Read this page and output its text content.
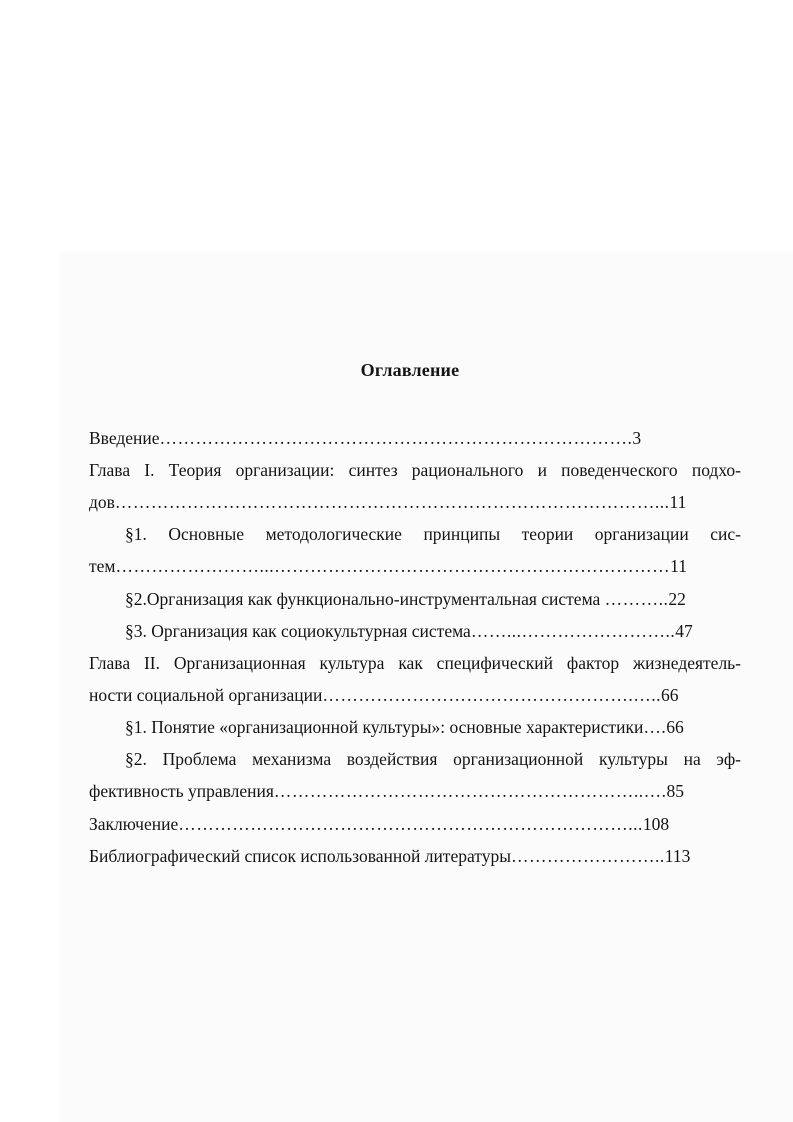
Оглавление
Введение…………………………………………………………………….3
Глава I. Теория организации: синтез рационального и поведенческого подхо-
дов………………………………………………………………………………...11
§1. Основные методологические принципы теории организации сис-
тем……………………...…………………………………………………………11
§2.Организация как функционально-инструментальная система ………..22
§3. Организация как социокультурная система……...……………………..47
Глава II. Организационная культура как специфический фактор жизнедеятель-
ности социальной организации…………………………………………….…..66
§1. Понятие «организационной культуры»: основные характеристики….66
§2. Проблема механизма воздействия организационной культуры на эф-
фективность управления……………………………………………………..….85
Заключение…………………………………………………………………...108
Библиографический список использованной литературы……………………..113
